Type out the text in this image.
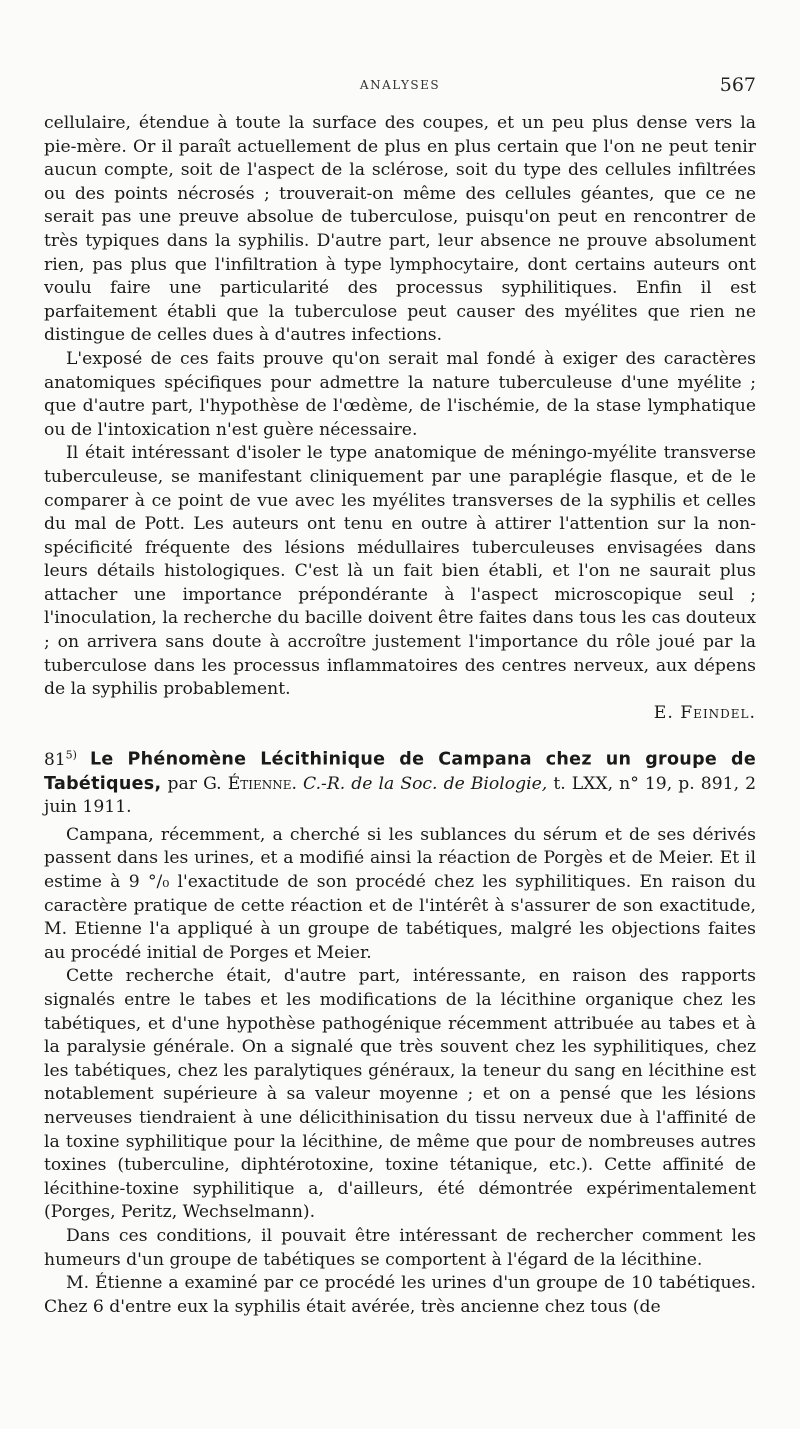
ANALYSES	567

cellulaire, étendue à toute la surface des coupes, et un peu plus dense vers la pie-mère. Or il paraît actuellement de plus en plus certain que l'on ne peut tenir aucun compte, soit de l'aspect de la sclérose, soit du type des cellules infiltrées ou des points nécrosés ; trouverait-on même des cellules géantes, que ce ne serait pas une preuve absolue de tuberculose, puisqu'on peut en rencontrer de très typiques dans la syphilis. D'autre part, leur absence ne prouve absolument rien, pas plus que l'infiltration à type lymphocytaire, dont certains auteurs ont voulu faire une particularité des processus syphilitiques. Enfin il est parfaitement établi que la tuberculose peut causer des myélites que rien ne distingue de celles dues à d'autres infections.

L'exposé de ces faits prouve qu'on serait mal fondé à exiger des caractères anatomiques spécifiques pour admettre la nature tuberculeuse d'une myélite ; que d'autre part, l'hypothèse de l'œdème, de l'ischémie, de la stase lymphatique ou de l'intoxication n'est guère nécessaire.

Il était intéressant d'isoler le type anatomique de méningo-myélite transverse tuberculeuse, se manifestant cliniquement par une paraplégie flasque, et de le comparer à ce point de vue avec les myélites transverses de la syphilis et celles du mal de Pott. Les auteurs ont tenu en outre à attirer l'attention sur la non-spécificité fréquente des lésions médullaires tuberculeuses envisagées dans leurs détails histologiques. C'est là un fait bien établi, et l'on ne saurait plus attacher une importance prépondérante à l'aspect microscopique seul ; l'inoculation, la recherche du bacille doivent être faites dans tous les cas douteux ; on arrivera sans doute à accroître justement l'importance du rôle joué par la tuberculose dans les processus inflammatoires des centres nerveux, aux dépens de la syphilis probablement.

E. Feindel.

81$^{5)}$ Le Phénomène Lécithinique de Campana chez un groupe de Tabétiques, par G. Étienne. C.-R. de la Soc. de Biologie, t. LXX, n° 19, p. 891, 2 juin 1911.

Campana, récemment, a cherché si les sublances du sérum et de ses dérivés passent dans les urines, et a modifié ainsi la réaction de Porgès et de Meier. Et il estime à 9 °/₀ l'exactitude de son procédé chez les syphilitiques. En raison du caractère pratique de cette réaction et de l'intérêt à s'assurer de son exactitude, M. Etienne l'a appliqué à un groupe de tabétiques, malgré les objections faites au procédé initial de Porges et Meier.

Cette recherche était, d'autre part, intéressante, en raison des rapports signalés entre le tabes et les modifications de la lécithine organique chez les tabétiques, et d'une hypothèse pathogénique récemment attribuée au tabes et à la paralysie générale. On a signalé que très souvent chez les syphilitiques, chez les tabétiques, chez les paralytiques généraux, la teneur du sang en lécithine est notablement supérieure à sa valeur moyenne ; et on a pensé que les lésions nerveuses tiendraient à une délicithinisation du tissu nerveux due à l'affinité de la toxine syphilitique pour la lécithine, de même que pour de nombreuses autres toxines (tuberculine, diphtérotoxine, toxine tétanique, etc.). Cette affinité de lécithine-toxine syphilitique a, d'ailleurs, été démontrée expérimentalement (Porges, Peritz, Wechselmann).

Dans ces conditions, il pouvait être intéressant de rechercher comment les humeurs d'un groupe de tabétiques se comportent à l'égard de la lécithine.

M. Étienne a examiné par ce procédé les urines d'un groupe de 10 tabétiques. Chez 6 d'entre eux la syphilis était avérée, très ancienne chez tous (de
